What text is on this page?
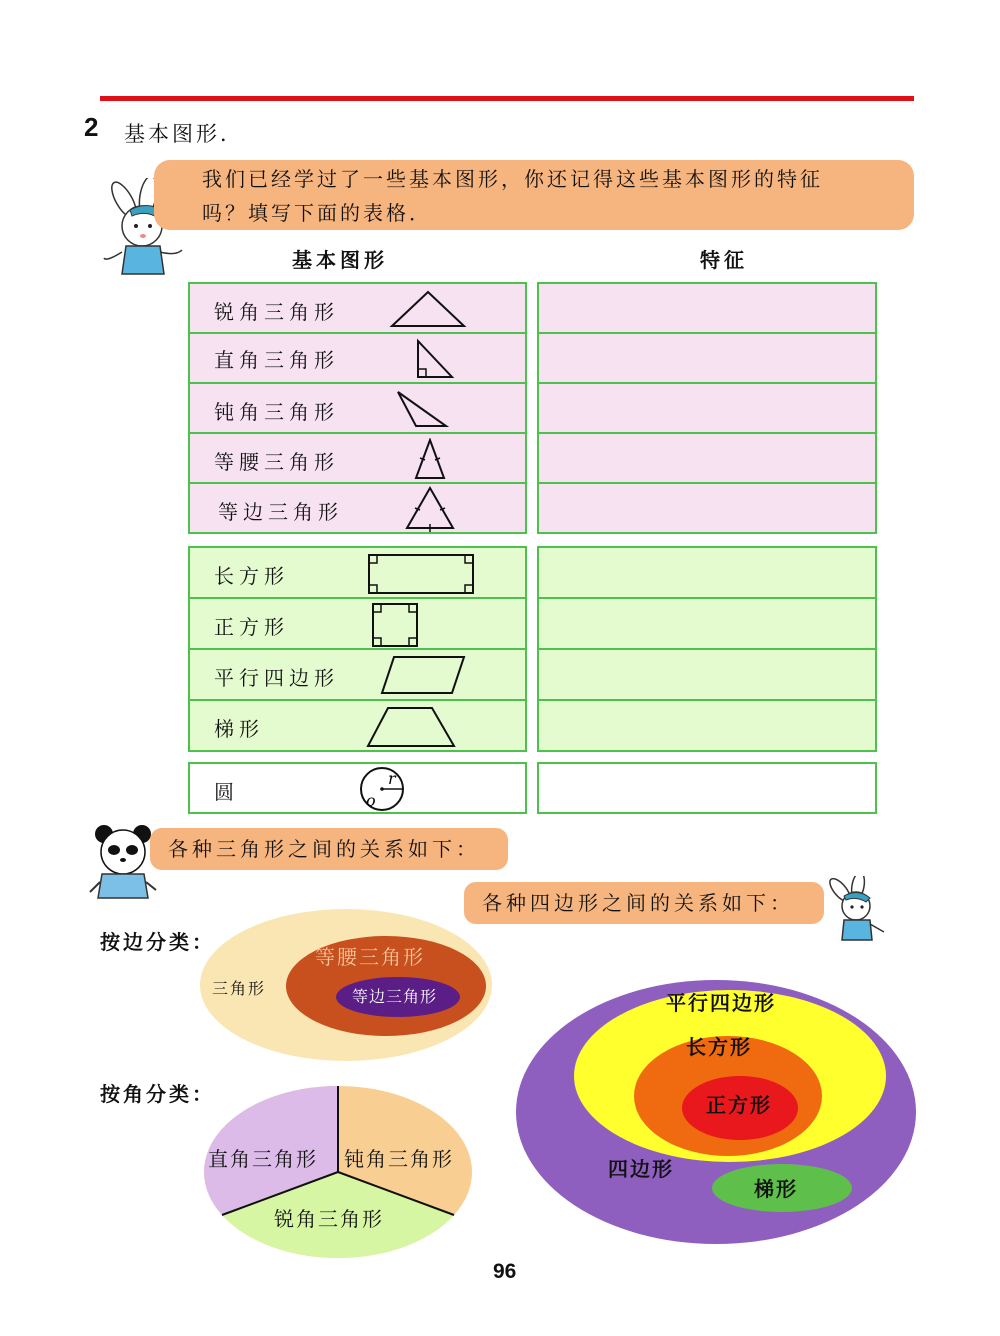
2 基本图形．
我们已经学过了一些基本图形，你还记得这些基本图形的特征
吗？填写下面的表格．
基本图形	特征
锐角三角形
直角三角形
钝角三角形
等腰三角形
等边三角形
长方形
正方形
平行四边形
梯形
圆	o
r
各种三角形之间的关系如下：
各种四边形之间的关系如下：
按边分类：
按角分类：
三角形
等腰三角形
等边三角形
直角三角形 钝角三角形
锐角三角形
平行四边形
长方形
正方形
四边形
梯形
96
